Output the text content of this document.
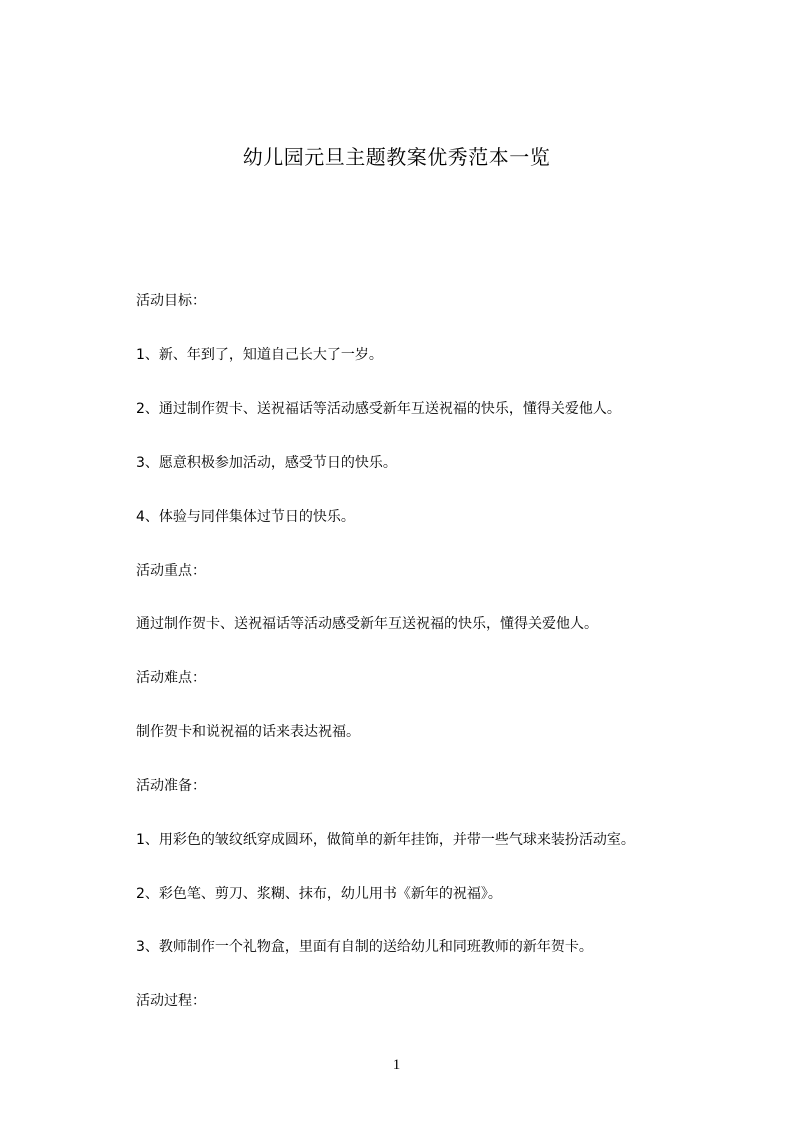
幼儿园元旦主题教案优秀范本一览
活动目标：
1、新、年到了，知道自己长大了一岁。
2、通过制作贺卡、送祝福话等活动感受新年互送祝福的快乐，懂得关爱他人。
3、愿意积极参加活动，感受节日的快乐。
4、体验与同伴集体过节日的快乐。
活动重点：
通过制作贺卡、送祝福话等活动感受新年互送祝福的快乐，懂得关爱他人。
活动难点：
制作贺卡和说祝福的话来表达祝福。
活动准备：
1、用彩色的皱纹纸穿成圆环，做简单的新年挂饰，并带一些气球来装扮活动室。
2、彩色笔、剪刀、浆糊、抹布，幼儿用书《新年的祝福》。
3、教师制作一个礼物盒，里面有自制的送给幼儿和同班教师的新年贺卡。
活动过程：
1
